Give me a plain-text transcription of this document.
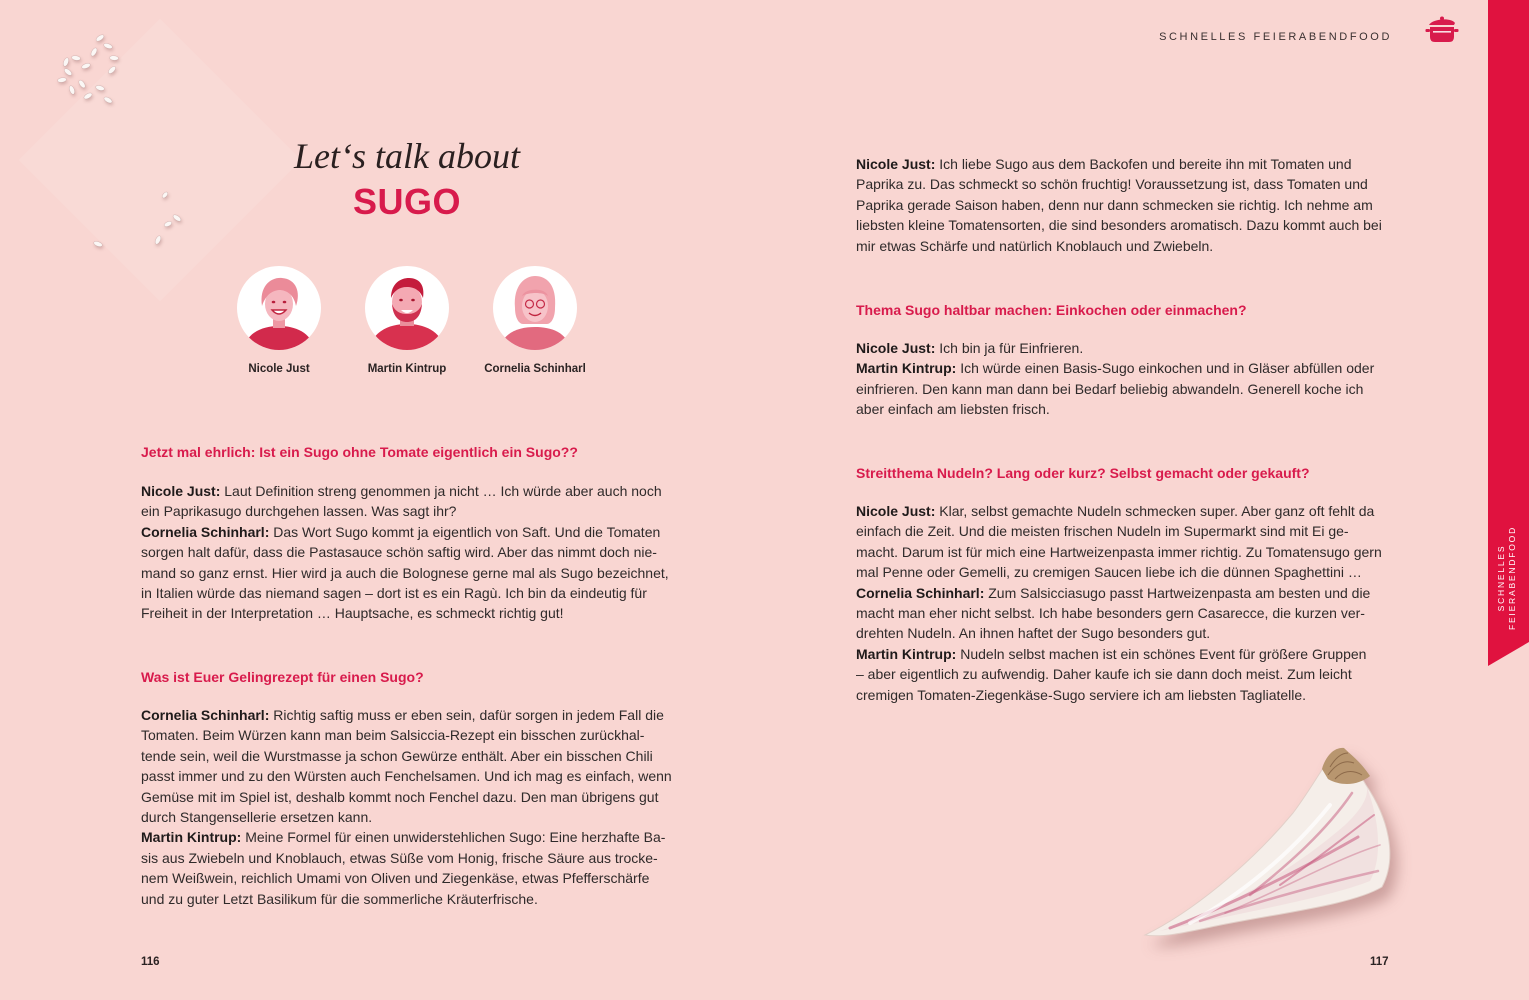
Let‘s talk about
SUGO
Nicole Just	Martin Kintrup	Cornelia Schinharl
Jetzt mal ehrlich: Ist ein Sugo ohne Tomate eigentlich ein Sugo??
Nicole Just: Laut Definition streng genommen ja nicht … Ich würde aber auch noch
ein Paprikasugo durchgehen lassen. Was sagt ihr?
Cornelia Schinharl: Das Wort Sugo kommt ja eigentlich von Saft. Und die Tomaten
sorgen halt dafür, dass die Pastasauce schön saftig wird. Aber das nimmt doch nie-
mand so ganz ernst. Hier wird ja auch die Bolognese gerne mal als Sugo bezeichnet,
in Italien würde das niemand sagen – dort ist es ein Ragù. Ich bin da eindeutig für
Freiheit in der Interpretation … Hauptsache, es schmeckt richtig gut!
Was ist Euer Gelingrezept für einen Sugo?
Cornelia Schinharl: Richtig saftig muss er eben sein, dafür sorgen in jedem Fall die
Tomaten. Beim Würzen kann man beim Salsiccia-Rezept ein bisschen zurückhal-
tende sein, weil die Wurstmasse ja schon Gewürze enthält. Aber ein bisschen Chili
passt immer und zu den Würsten auch Fenchelsamen. Und ich mag es einfach, wenn
Gemüse mit im Spiel ist, deshalb kommt noch Fenchel dazu. Den man übrigens gut
durch Stangensellerie ersetzen kann.
Martin Kintrup: Meine Formel für einen unwiderstehlichen Sugo: Eine herzhafte Ba-
sis aus Zwiebeln und Knoblauch, etwas Süße vom Honig, frische Säure aus trocke-
nem Weißwein, reichlich Umami von Oliven und Ziegenkäse, etwas Pfefferschärfe
und zu guter Letzt Basilikum für die sommerliche Kräuterfrische.
116
SCHNELLES FEIERABENDFOOD
Nicole Just: Ich liebe Sugo aus dem Backofen und bereite ihn mit Tomaten und
Paprika zu. Das schmeckt so schön fruchtig! Voraussetzung ist, dass Tomaten und
Paprika gerade Saison haben, denn nur dann schmecken sie richtig. Ich nehme am
liebsten kleine Tomatensorten, die sind besonders aromatisch. Dazu kommt auch bei
mir etwas Schärfe und natürlich Knoblauch und Zwiebeln.
Thema Sugo haltbar machen: Einkochen oder einmachen?
Nicole Just: Ich bin ja für Einfrieren.
Martin Kintrup: Ich würde einen Basis-Sugo einkochen und in Gläser abfüllen oder
einfrieren. Den kann man dann bei Bedarf beliebig abwandeln. Generell koche ich
aber einfach am liebsten frisch.
Streitthema Nudeln? Lang oder kurz? Selbst gemacht oder gekauft?
Nicole Just: Klar, selbst gemachte Nudeln schmecken super. Aber ganz oft fehlt da
einfach die Zeit. Und die meisten frischen Nudeln im Supermarkt sind mit Ei ge-
macht. Darum ist für mich eine Hartweizenpasta immer richtig. Zu Tomatensugo gern
mal Penne oder Gemelli, zu cremigen Saucen liebe ich die dünnen Spaghettini …
Cornelia Schinharl: Zum Salsicciasugo passt Hartweizenpasta am besten und die
macht man eher nicht selbst. Ich habe besonders gern Casarecce, die kurzen ver-
drehten Nudeln. An ihnen haftet der Sugo besonders gut.
Martin Kintrup: Nudeln selbst machen ist ein schönes Event für größere Gruppen
– aber eigentlich zu aufwendig. Daher kaufe ich sie dann doch meist. Zum leicht
cremigen Tomaten-Ziegenkäse-Sugo serviere ich am liebsten Tagliatelle.
117
SCHNELLES FEIERABENDFOOD
